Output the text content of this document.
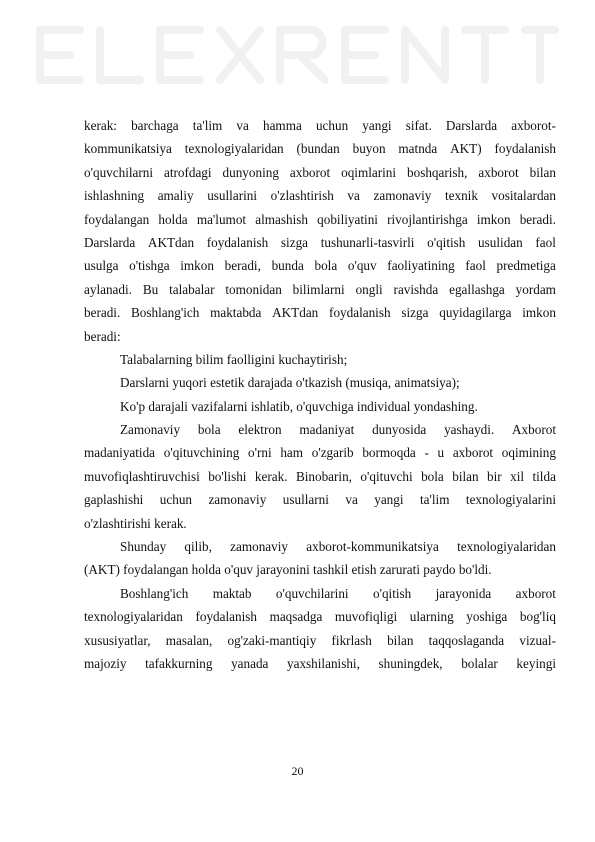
kerak: barchaga ta'lim va hamma uchun yangi sifat. Darslarda axborot-
kommunikatsiya texnologiyalaridan (bundan buyon matnda AKT) foydalanish
o'quvchilarni atrofdagi dunyoning axborot oqimlarini boshqarish, axborot bilan
ishlashning amaliy usullarini o'zlashtirish va zamonaviy texnik vositalardan
foydalangan holda ma'lumot almashish qobiliyatini rivojlantirishga imkon beradi.
Darslarda AKTdan foydalanish sizga tushunarli-tasvirli o'qitish usulidan faol
usulga o'tishga imkon beradi, bunda bola o'quv faoliyatining faol predmetiga
aylanadi. Bu talabalar tomonidan bilimlarni ongli ravishda egallashga yordam
beradi. Boshlang'ich maktabda AKTdan foydalanish sizga quyidagilarga imkon
beradi:
Talabalarning bilim faolligini kuchaytirish;
Darslarni yuqori estetik darajada o'tkazish (musiqa, animatsiya);
Ko'p darajali vazifalarni ishlatib, o'quvchiga individual yondashing.
Zamonaviy bola elektron madaniyat dunyosida yashaydi. Axborot
madaniyatida o'qituvchining o'rni ham o'zgarib bormoqda - u axborot oqimining
muvofiqlashtiruvchisi bo'lishi kerak. Binobarin, o'qituvchi bola bilan bir xil tilda
gaplashishi uchun zamonaviy usullarni va yangi ta'lim texnologiyalarini
o'zlashtirishi kerak.
Shunday qilib, zamonaviy axborot-kommunikatsiya texnologiyalaridan
(AKT) foydalangan holda o'quv jarayonini tashkil etish zarurati paydo bo'ldi.
Boshlang'ich maktab o'quvchilarini o'qitish jarayonida axborot
texnologiyalaridan foydalanish maqsadga muvofiqligi ularning yoshiga bog'liq
xususiyatlar, masalan, og'zaki-mantiqiy fikrlash bilan taqqoslaganda vizual-
majoziy tafakkurning yanada yaxshilanishi, shuningdek, bolalar keyingi
20
